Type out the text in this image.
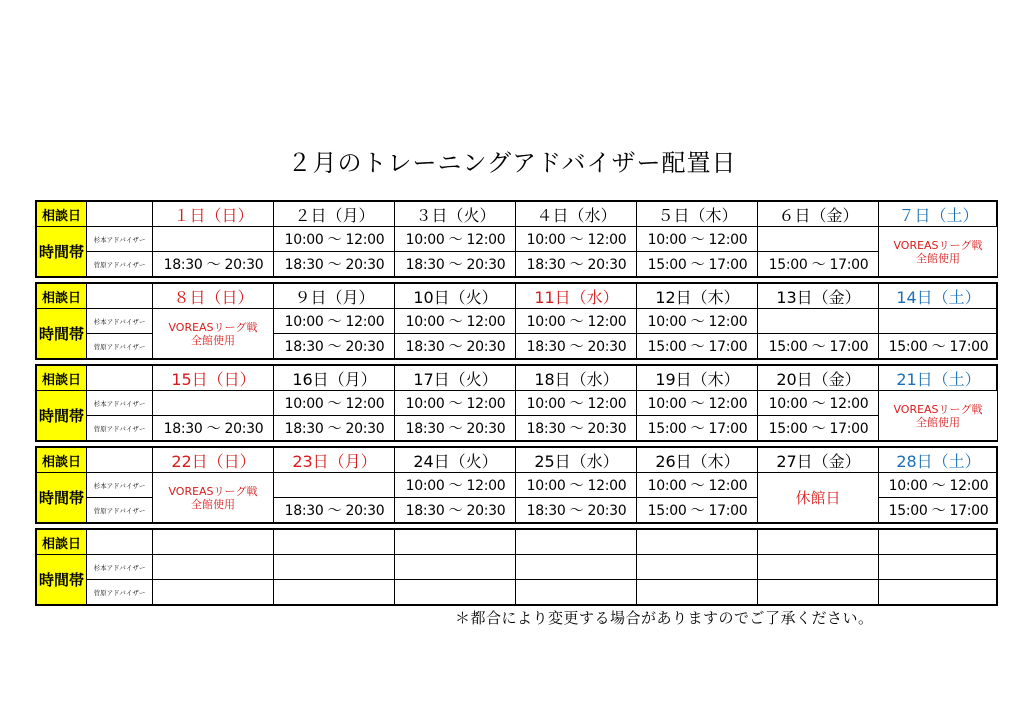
２月のトレーニングアドバイザー配置日
相談日
時間帯
杉本アドバイザー
菅原アドバイザー
１日（日）
18:30 ～ 20:30
２日（月）
10:00 ～ 12:00
18:30 ～ 20:30
３日（火）
10:00 ～ 12:00
18:30 ～ 20:30
４日（水）
10:00 ～ 12:00
18:30 ～ 20:30
５日（木）
10:00 ～ 12:00
15:00 ～ 17:00
６日（金）
15:00 ～ 17:00
７日（土）
VOREASリーグ戦
全館使用
相談日
時間帯
杉本アドバイザー
菅原アドバイザー
８日（日）
VOREASリーグ戦
全館使用
９日（月）
10:00 ～ 12:00
18:30 ～ 20:30
10日（火）
10:00 ～ 12:00
18:30 ～ 20:30
11日（水）
10:00 ～ 12:00
18:30 ～ 20:30
12日（木）
10:00 ～ 12:00
15:00 ～ 17:00
13日（金）
15:00 ～ 17:00
14日（土）
15:00 ～ 17:00
相談日
時間帯
杉本アドバイザー
菅原アドバイザー
15日（日）
18:30 ～ 20:30
16日（月）
10:00 ～ 12:00
18:30 ～ 20:30
17日（火）
10:00 ～ 12:00
18:30 ～ 20:30
18日（水）
10:00 ～ 12:00
18:30 ～ 20:30
19日（木）
10:00 ～ 12:00
15:00 ～ 17:00
20日（金）
10:00 ～ 12:00
15:00 ～ 17:00
21日（土）
VOREASリーグ戦
全館使用
相談日
時間帯
杉本アドバイザー
菅原アドバイザー
22日（日）
VOREASリーグ戦
全館使用
23日（月）
18:30 ～ 20:30
24日（火）
10:00 ～ 12:00
18:30 ～ 20:30
25日（水）
10:00 ～ 12:00
18:30 ～ 20:30
26日（木）
10:00 ～ 12:00
15:00 ～ 17:00
27日（金）
休館日
28日（土）
10:00 ～ 12:00
15:00 ～ 17:00
相談日
時間帯
杉本アドバイザー
菅原アドバイザー
＊都合により変更する場合がありますのでご了承ください。
